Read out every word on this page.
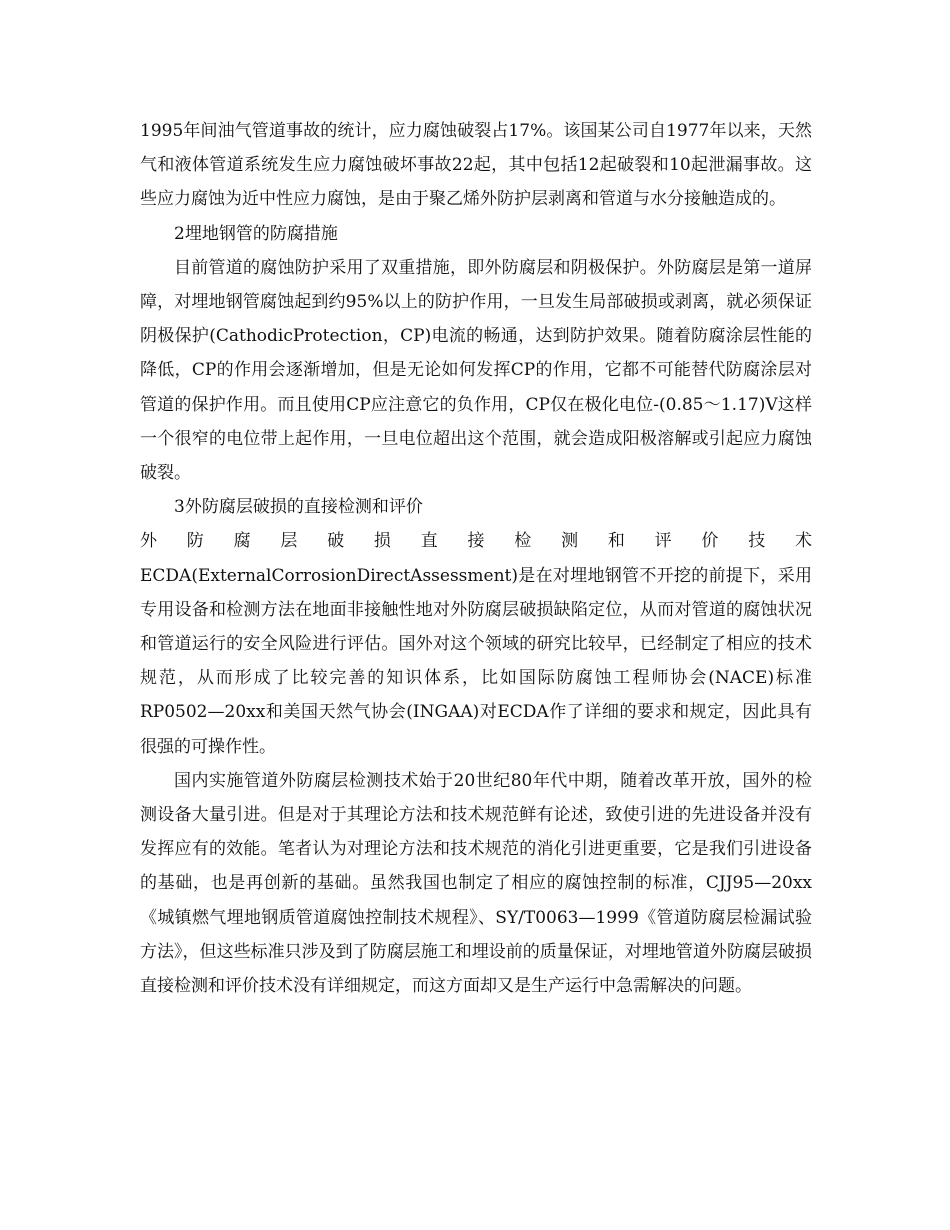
1995年间油气管道事故的统计，应力腐蚀破裂占17%。该国某公司自1977年以来，天然气和液体管道系统发生应力腐蚀破坏事故22起，其中包括12起破裂和10起泄漏事故。这些应力腐蚀为近中性应力腐蚀，是由于聚乙烯外防护层剥离和管道与水分接触造成的。

2埋地钢管的防腐措施

目前管道的腐蚀防护采用了双重措施，即外防腐层和阴极保护。外防腐层是第一道屏障，对埋地钢管腐蚀起到约95%以上的防护作用，一旦发生局部破损或剥离，就必须保证阴极保护(CathodicProtection，CP)电流的畅通，达到防护效果。随着防腐涂层性能的降低，CP的作用会逐渐增加，但是无论如何发挥CP的作用，它都不可能替代防腐涂层对管道的保护作用。而且使用CP应注意它的负作用，CP仅在极化电位-(0.85～1.17)V这样一个很窄的电位带上起作用，一旦电位超出这个范围，就会造成阳极溶解或引起应力腐蚀破裂。

3外防腐层破损的直接检测和评价

外防腐层破损直接检测和评价技术

ECDA(ExternalCorrosionDirectAssessment)是在对埋地钢管不开挖的前提下，采用专用设备和检测方法在地面非接触性地对外防腐层破损缺陷定位，从而对管道的腐蚀状况和管道运行的安全风险进行评估。国外对这个领域的研究比较早，已经制定了相应的技术规范，从而形成了比较完善的知识体系，比如国际防腐蚀工程师协会(NACE)标准RP0502—20xx和美国天然气协会(INGAA)对ECDA作了详细的要求和规定，因此具有很强的可操作性。

国内实施管道外防腐层检测技术始于20世纪80年代中期，随着改革开放，国外的检测设备大量引进。但是对于其理论方法和技术规范鲜有论述，致使引进的先进设备并没有发挥应有的效能。笔者认为对理论方法和技术规范的消化引进更重要，它是我们引进设备的基础，也是再创新的基础。虽然我国也制定了相应的腐蚀控制的标准，CJJ95—20xx《城镇燃气埋地钢质管道腐蚀控制技术规程》、SY/T0063—1999《管道防腐层检漏试验方法》，但这些标准只涉及到了防腐层施工和埋设前的质量保证，对埋地管道外防腐层破损直接检测和评价技术没有详细规定，而这方面却又是生产运行中急需解决的问题。
